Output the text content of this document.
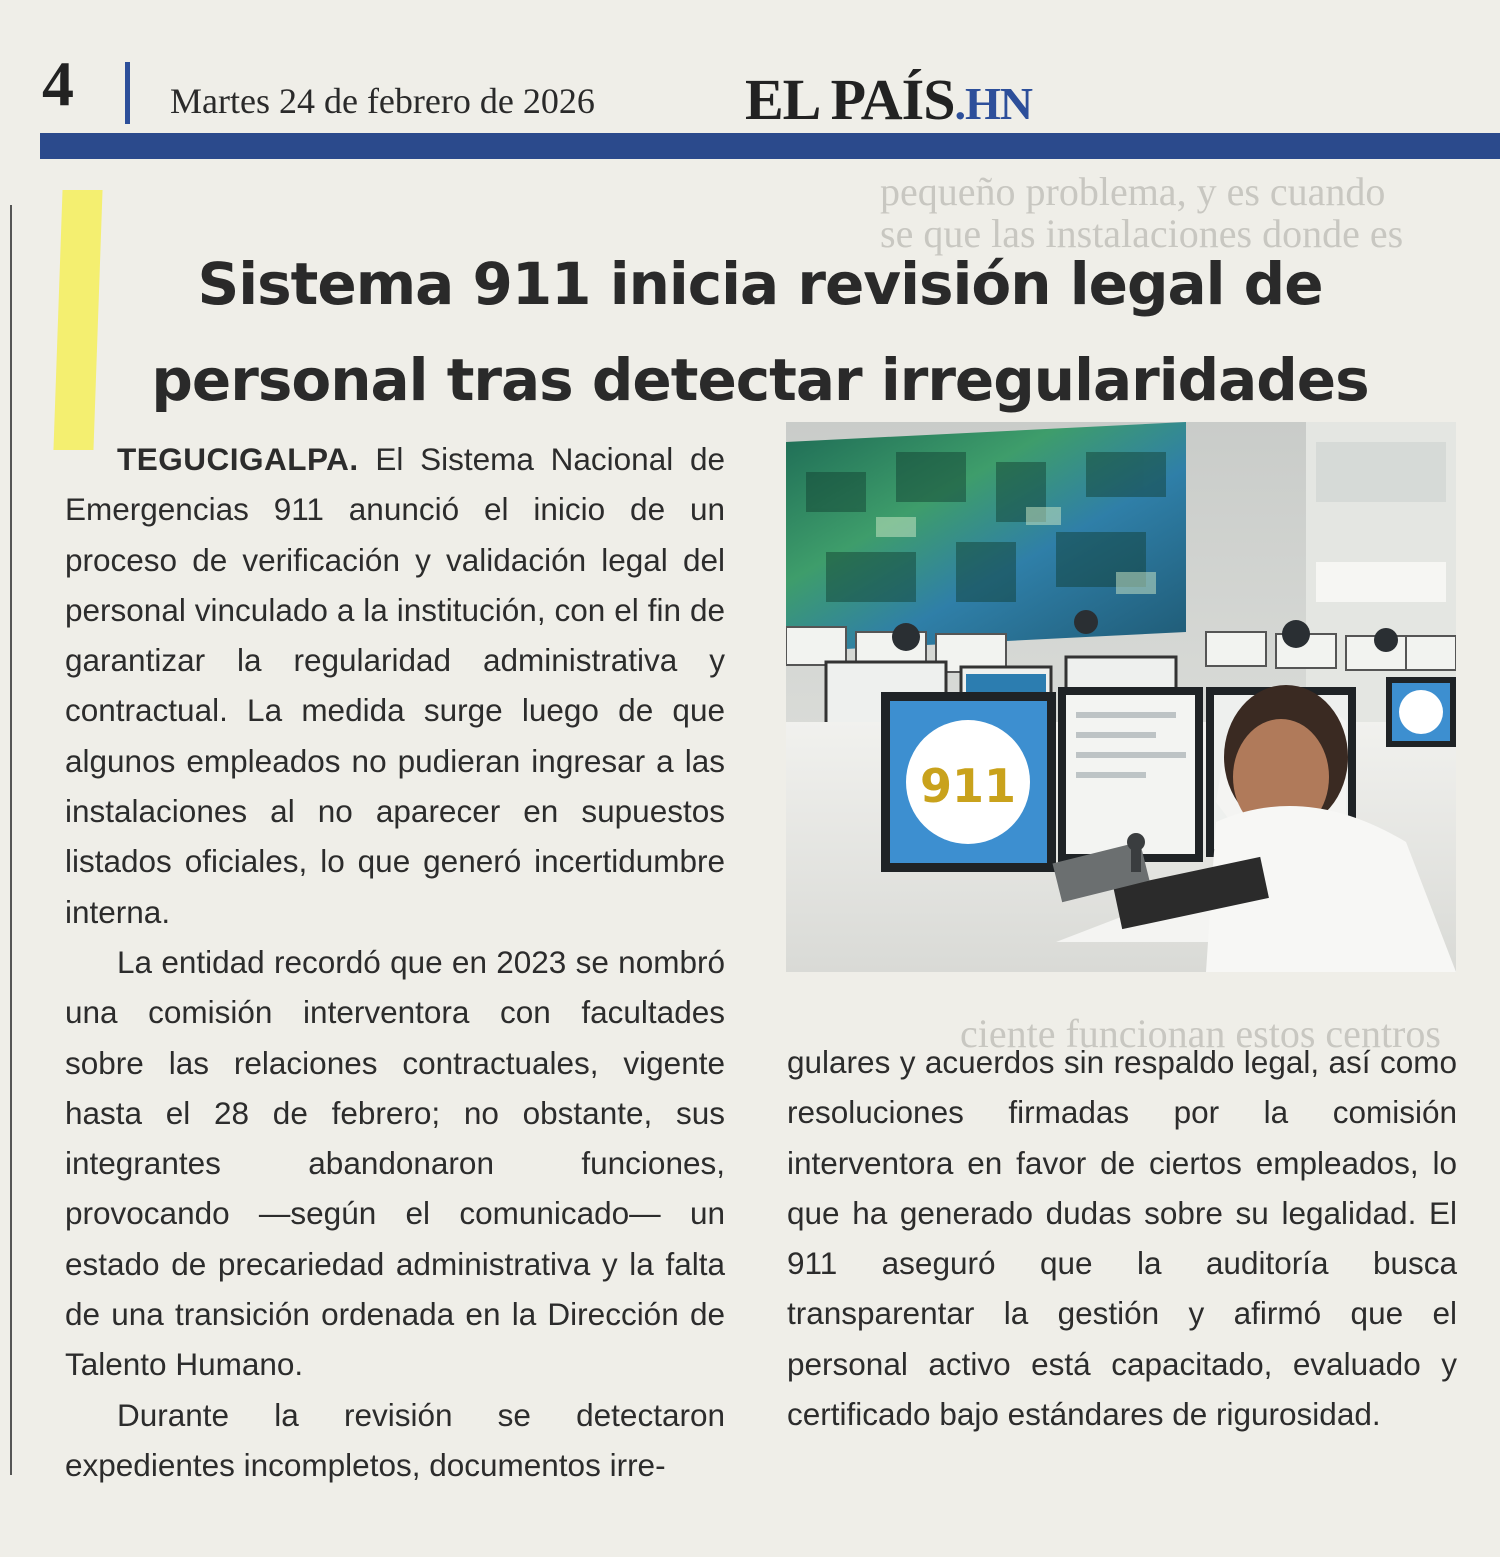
pequeño problema, y es cuando
se que las instalaciones donde es
ciente funcionan estos centros
4	Martes 24 de febrero de 2026	EL PAÍS.HN
Sistema 911 inicia revisión legal de personal tras detectar irregularidades

TEGUCIGALPA. El Sistema Nacional de Emergencias 911 anunció el inicio de un proceso de verificación y validación legal del personal vinculado a la institución, con el fin de garantizar la regularidad administrativa y contractual. La medida surge luego de que algunos empleados no pudieran ingresar a las instalaciones al no aparecer en supuestos listados oficiales, lo que generó incertidumbre interna.

La entidad recordó que en 2023 se nombró una comisión interventora con facultades sobre las relaciones contractuales, vigente hasta el 28 de febrero; no obstante, sus integrantes abandonaron funciones, provocando —según el comunicado— un estado de precariedad administrativa y la falta de una transición ordenada en la Dirección de Talento Humano.

Durante la revisión se detectaron expedientes incompletos, documentos irre-

911

gulares y acuerdos sin respaldo legal, así como resoluciones firmadas por la comisión interventora en favor de ciertos empleados, lo que ha generado dudas sobre su legalidad. El 911 aseguró que la auditoría busca transparentar la gestión y afirmó que el personal activo está capacitado, evaluado y certificado bajo estándares de rigurosidad.
